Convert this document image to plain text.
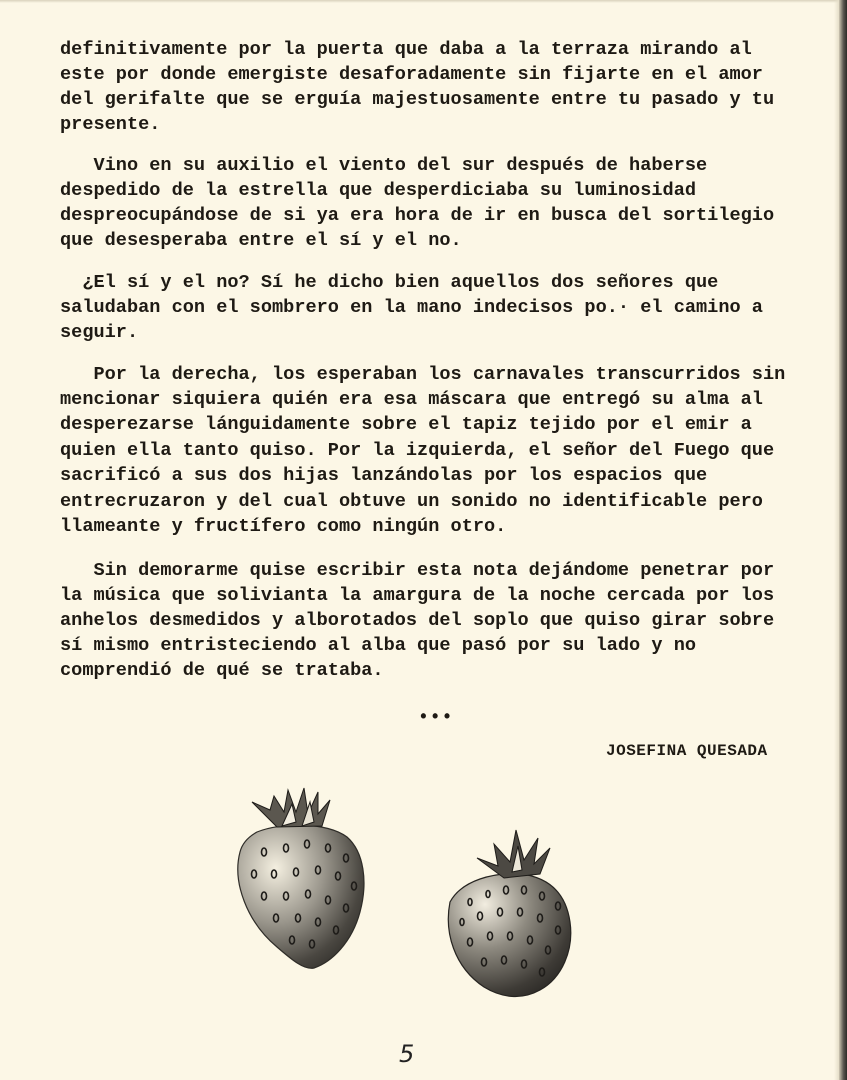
definitivamente por la puerta que daba a la terraza mirando al
este por donde emergiste desaforadamente sin fijarte en el amor
del gerifalte que se erguía majestuosamente entre tu pasado y tu
presente.
Vino en su auxilio el viento del sur después de haberse
despedido de la estrella que desperdiciaba su luminosidad
despreocupándose de si ya era hora de ir en busca del sortilegio
que desesperaba entre el sí y el no.
¿El sí y el no? Sí he dicho bien aquellos dos señores que
saludaban con el sombrero en la mano indecisos po.· el camino a
seguir.
Por la derecha, los esperaban los carnavales transcurridos sin
mencionar siquiera quién era esa máscara que entregó su alma al
desperezarse lánguidamente sobre el tapiz tejido por el emir a
quien ella tanto quiso. Por la izquierda, el señor del Fuego que
sacrificó a sus dos hijas lanzándolas por los espacios que
entrecruzaron y del cual obtuve un sonido no identificable pero
llameante y fructífero como ningún otro.
Sin demorarme quise escribir esta nota dejándome penetrar por
la música que solivianta la amargura de la noche cercada por los
anhelos desmedidos y alborotados del soplo que quiso girar sobre
sí mismo entristeciendo al alba que pasó por su lado y no
comprendió de qué se trataba.
•••
JOSEFINA QUESADA
5
